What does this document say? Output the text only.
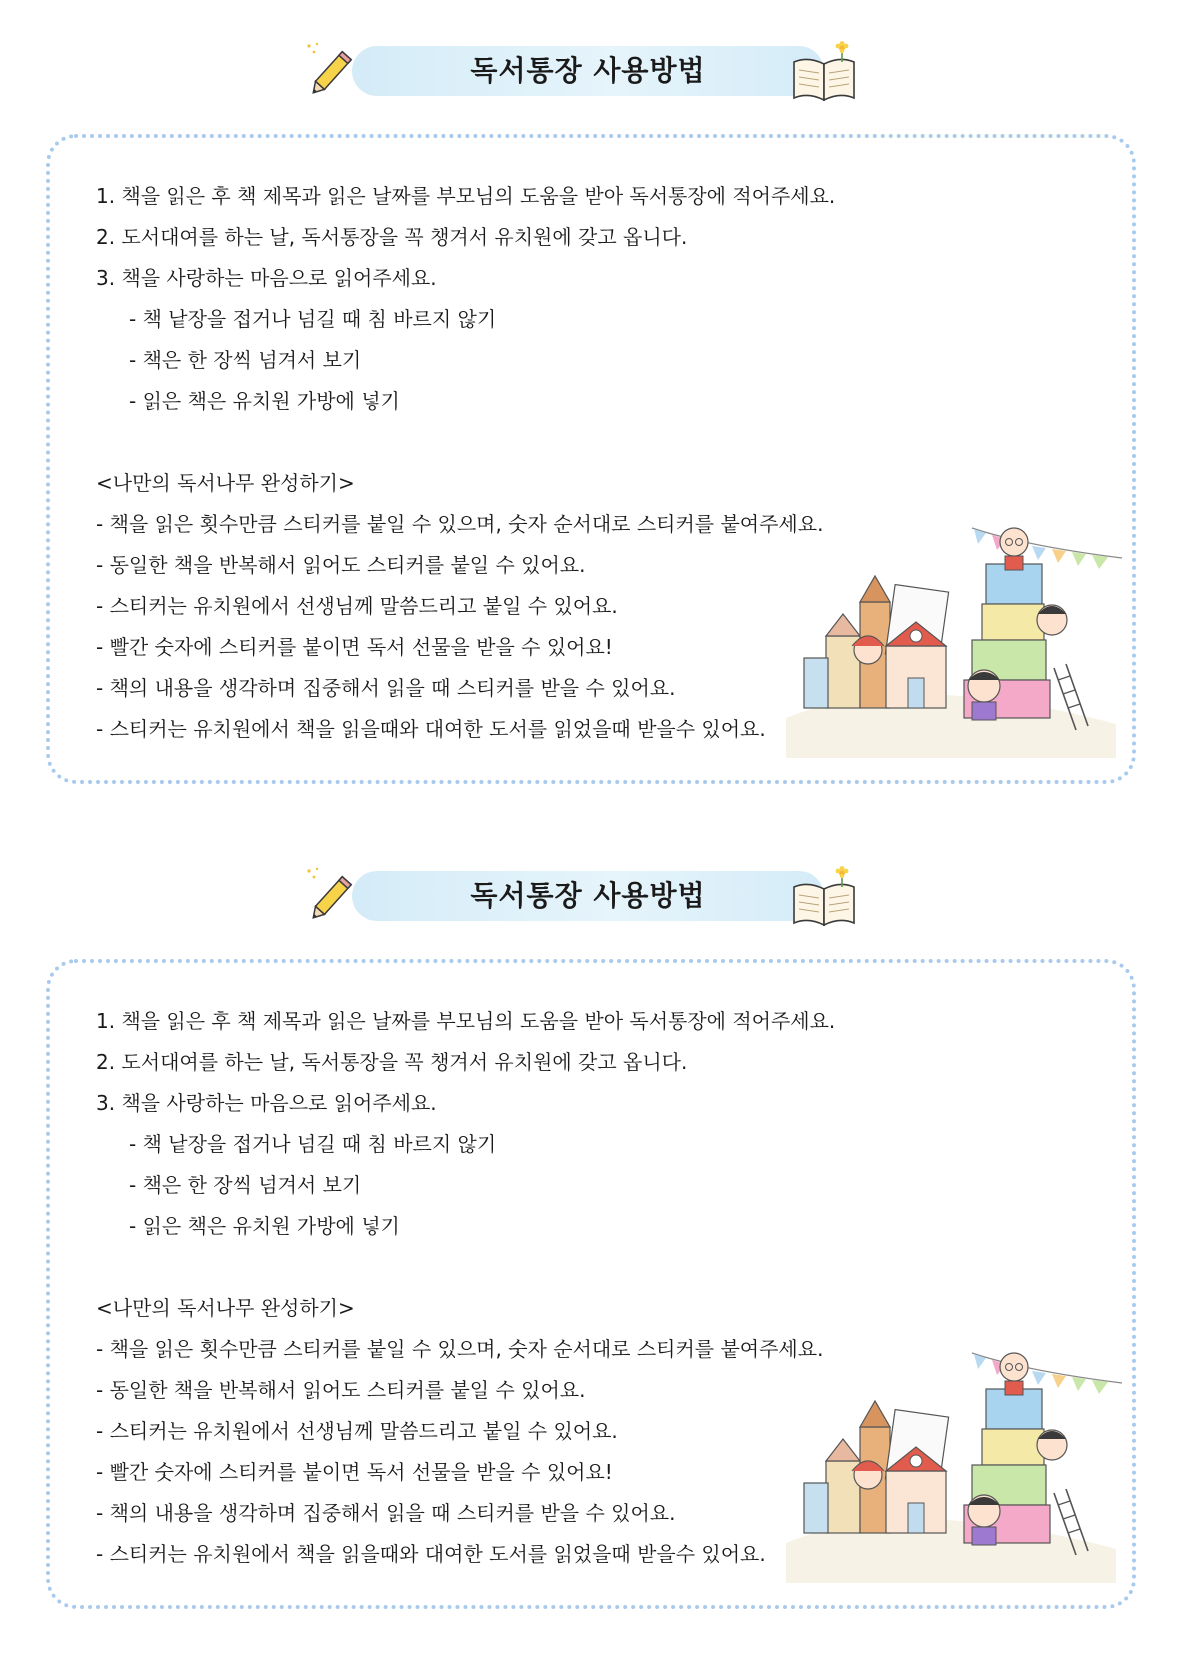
독서통장 사용방법
1. 책을 읽은 후 책 제목과 읽은 날짜를 부모님의 도움을 받아 독서통장에 적어주세요.
2. 도서대여를 하는 날, 독서통장을 꼭 챙겨서 유치원에 갖고 옵니다.
3. 책을 사랑하는 마음으로 읽어주세요.
- 책 낱장을 접거나 넘길 때 침 바르지 않기
- 책은 한 장씩 넘겨서 보기
- 읽은 책은 유치원 가방에 넣기
<나만의 독서나무 완성하기>
- 책을 읽은 횟수만큼 스티커를 붙일 수 있으며, 숫자 순서대로 스티커를 붙여주세요.
- 동일한 책을 반복해서 읽어도 스티커를 붙일 수 있어요.
- 스티커는 유치원에서 선생님께 말씀드리고 붙일 수 있어요.
- 빨간 숫자에 스티커를 붙이면 독서 선물을 받을 수 있어요!
- 책의 내용을 생각하며 집중해서 읽을 때 스티커를 받을 수 있어요.
- 스티커는 유치원에서 책을 읽을때와 대여한 도서를 읽었을때 받을수 있어요.
독서통장 사용방법
1. 책을 읽은 후 책 제목과 읽은 날짜를 부모님의 도움을 받아 독서통장에 적어주세요.
2. 도서대여를 하는 날, 독서통장을 꼭 챙겨서 유치원에 갖고 옵니다.
3. 책을 사랑하는 마음으로 읽어주세요.
- 책 낱장을 접거나 넘길 때 침 바르지 않기
- 책은 한 장씩 넘겨서 보기
- 읽은 책은 유치원 가방에 넣기
<나만의 독서나무 완성하기>
- 책을 읽은 횟수만큼 스티커를 붙일 수 있으며, 숫자 순서대로 스티커를 붙여주세요.
- 동일한 책을 반복해서 읽어도 스티커를 붙일 수 있어요.
- 스티커는 유치원에서 선생님께 말씀드리고 붙일 수 있어요.
- 빨간 숫자에 스티커를 붙이면 독서 선물을 받을 수 있어요!
- 책의 내용을 생각하며 집중해서 읽을 때 스티커를 받을 수 있어요.
- 스티커는 유치원에서 책을 읽을때와 대여한 도서를 읽었을때 받을수 있어요.
